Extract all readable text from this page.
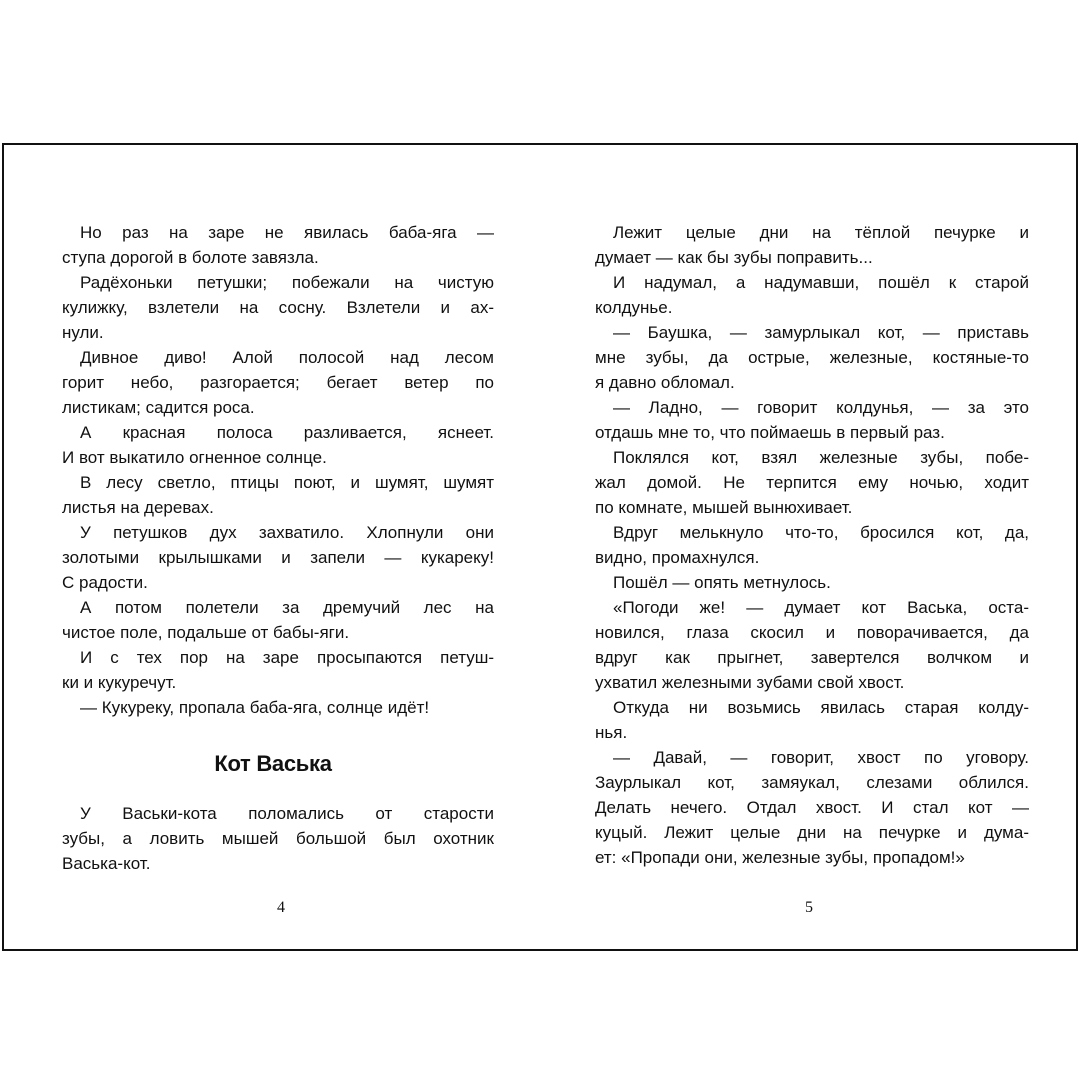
Но раз на заре не явилась баба-яга —
ступа дорогой в болоте завязла.

Радёхоньки петушки; побежали на чистую
кулижку, взлетели на сосну. Взлетели и ах-
нули.

Дивное диво! Алой полосой над лесом
горит небо, разгорается; бегает ветер по
листикам; садится роса.

А красная полоса разливается, яснеет.
И вот выкатило огненное солнце.

В лесу светло, птицы поют, и шумят, шумят
листья на деревах.

У петушков дух захватило. Хлопнули они
золотыми крылышками и запели — кукареку!
С радости.

А потом полетели за дремучий лес на
чистое поле, подальше от бабы-яги.

И с тех пор на заре просыпаются петуш-
ки и кукуречут.

— Кукуреку, пропала баба-яга, солнце идёт!

Кот Васька

У Васьки-кота поломались от старости
зубы, а ловить мышей большой был охотник
Васька-кот.

4

Лежит целые дни на тёплой печурке и
думает — как бы зубы поправить...

И надумал, а надумавши, пошёл к старой
колдунье.

— Баушка, — замурлыкал кот, — приставь
мне зубы, да острые, железные, костяные-то
я давно обломал.

— Ладно, — говорит колдунья, — за это
отдашь мне то, что поймаешь в первый раз.

Поклялся кот, взял железные зубы, побе-
жал домой. Не терпится ему ночью, ходит
по комнате, мышей вынюхивает.

Вдруг мелькнуло что-то, бросился кот, да,
видно, промахнулся.

Пошёл — опять метнулось.

«Погоди же! — думает кот Васька, оста-
новился, глаза скосил и поворачивается, да
вдруг как прыгнет, завертелся волчком и
ухватил железными зубами свой хвост.

Откуда ни возьмись явилась старая колду-
нья.

— Давай, — говорит, хвост по уговору.
Заурлыкал кот, замяукал, слезами облился.
Делать нечего. Отдал хвост. И стал кот —
куцый. Лежит целые дни на печурке и дума-
ет: «Пропади они, железные зубы, пропадом!»

5
